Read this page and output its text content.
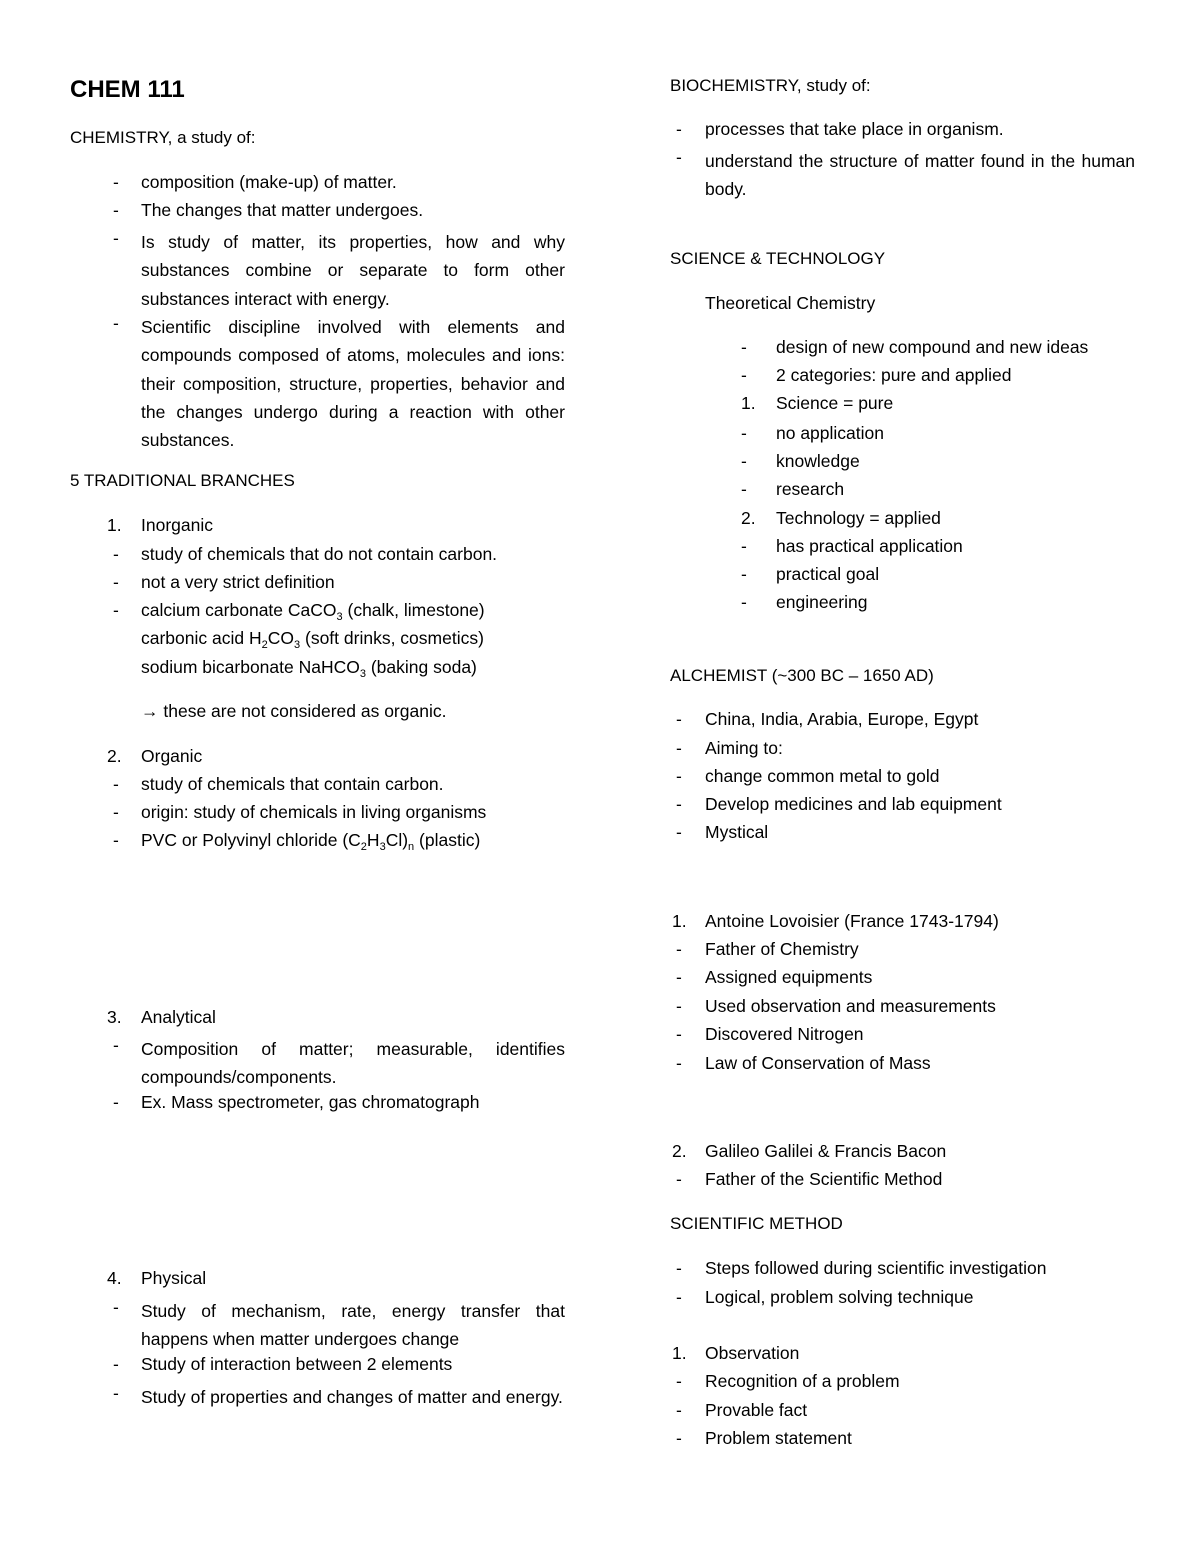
CHEM 111
CHEMISTRY, a study of:
- composition (make-up) of matter.
- The changes that matter undergoes.
- Is study of matter, its properties, how and why substances combine or separate to form other substances interact with energy.
- Scientific discipline involved with elements and compounds composed of atoms, molecules and ions: their composition, structure, properties, behavior and the changes undergo during a reaction with other substances.
5 TRADITIONAL BRANCHES
1. Inorganic
- study of chemicals that do not contain carbon.
- not a very strict definition
- calcium carbonate CaCO$_3$ (chalk, limestone)
carbonic acid $H_2CO_3$ (soft drinks, cosmetics)
sodium bicarbonate NaHCO$_3$ (baking soda)
→ these are not considered as organic.
2. Organic
- study of chemicals that contain carbon.
- origin: study of chemicals in living organisms
- PVC or Polyvinyl chloride $(C_2H_3Cl)_n$ (plastic)
3. Analytical
- Composition of matter; measurable, identifies compounds/components.
- Ex. Mass spectrometer, gas chromatograph
4. Physical
- Study of mechanism, rate, energy transfer that happens when matter undergoes change
- Study of interaction between 2 elements
- Study of properties and changes of matter and energy.
BIOCHEMISTRY, study of:
- processes that take place in organism.
- understand the structure of matter found in the human body.
SCIENCE & TECHNOLOGY
Theoretical Chemistry
- design of new compound and new ideas
- 2 categories: pure and applied
1. Science = pure
- no application
- knowledge
- research
2. Technology = applied
- has practical application
- practical goal
- engineering
ALCHEMIST (~300 BC – 1650 AD)
- China, India, Arabia, Europe, Egypt
- Aiming to:
- change common metal to gold
- Develop medicines and lab equipment
- Mystical
1. Antoine Lovoisier (France 1743-1794)
- Father of Chemistry
- Assigned equipments
- Used observation and measurements
- Discovered Nitrogen
- Law of Conservation of Mass
2. Galileo Galilei & Francis Bacon
- Father of the Scientific Method
SCIENTIFIC METHOD
- Steps followed during scientific investigation
- Logical, problem solving technique
1. Observation
- Recognition of a problem
- Provable fact
- Problem statement
